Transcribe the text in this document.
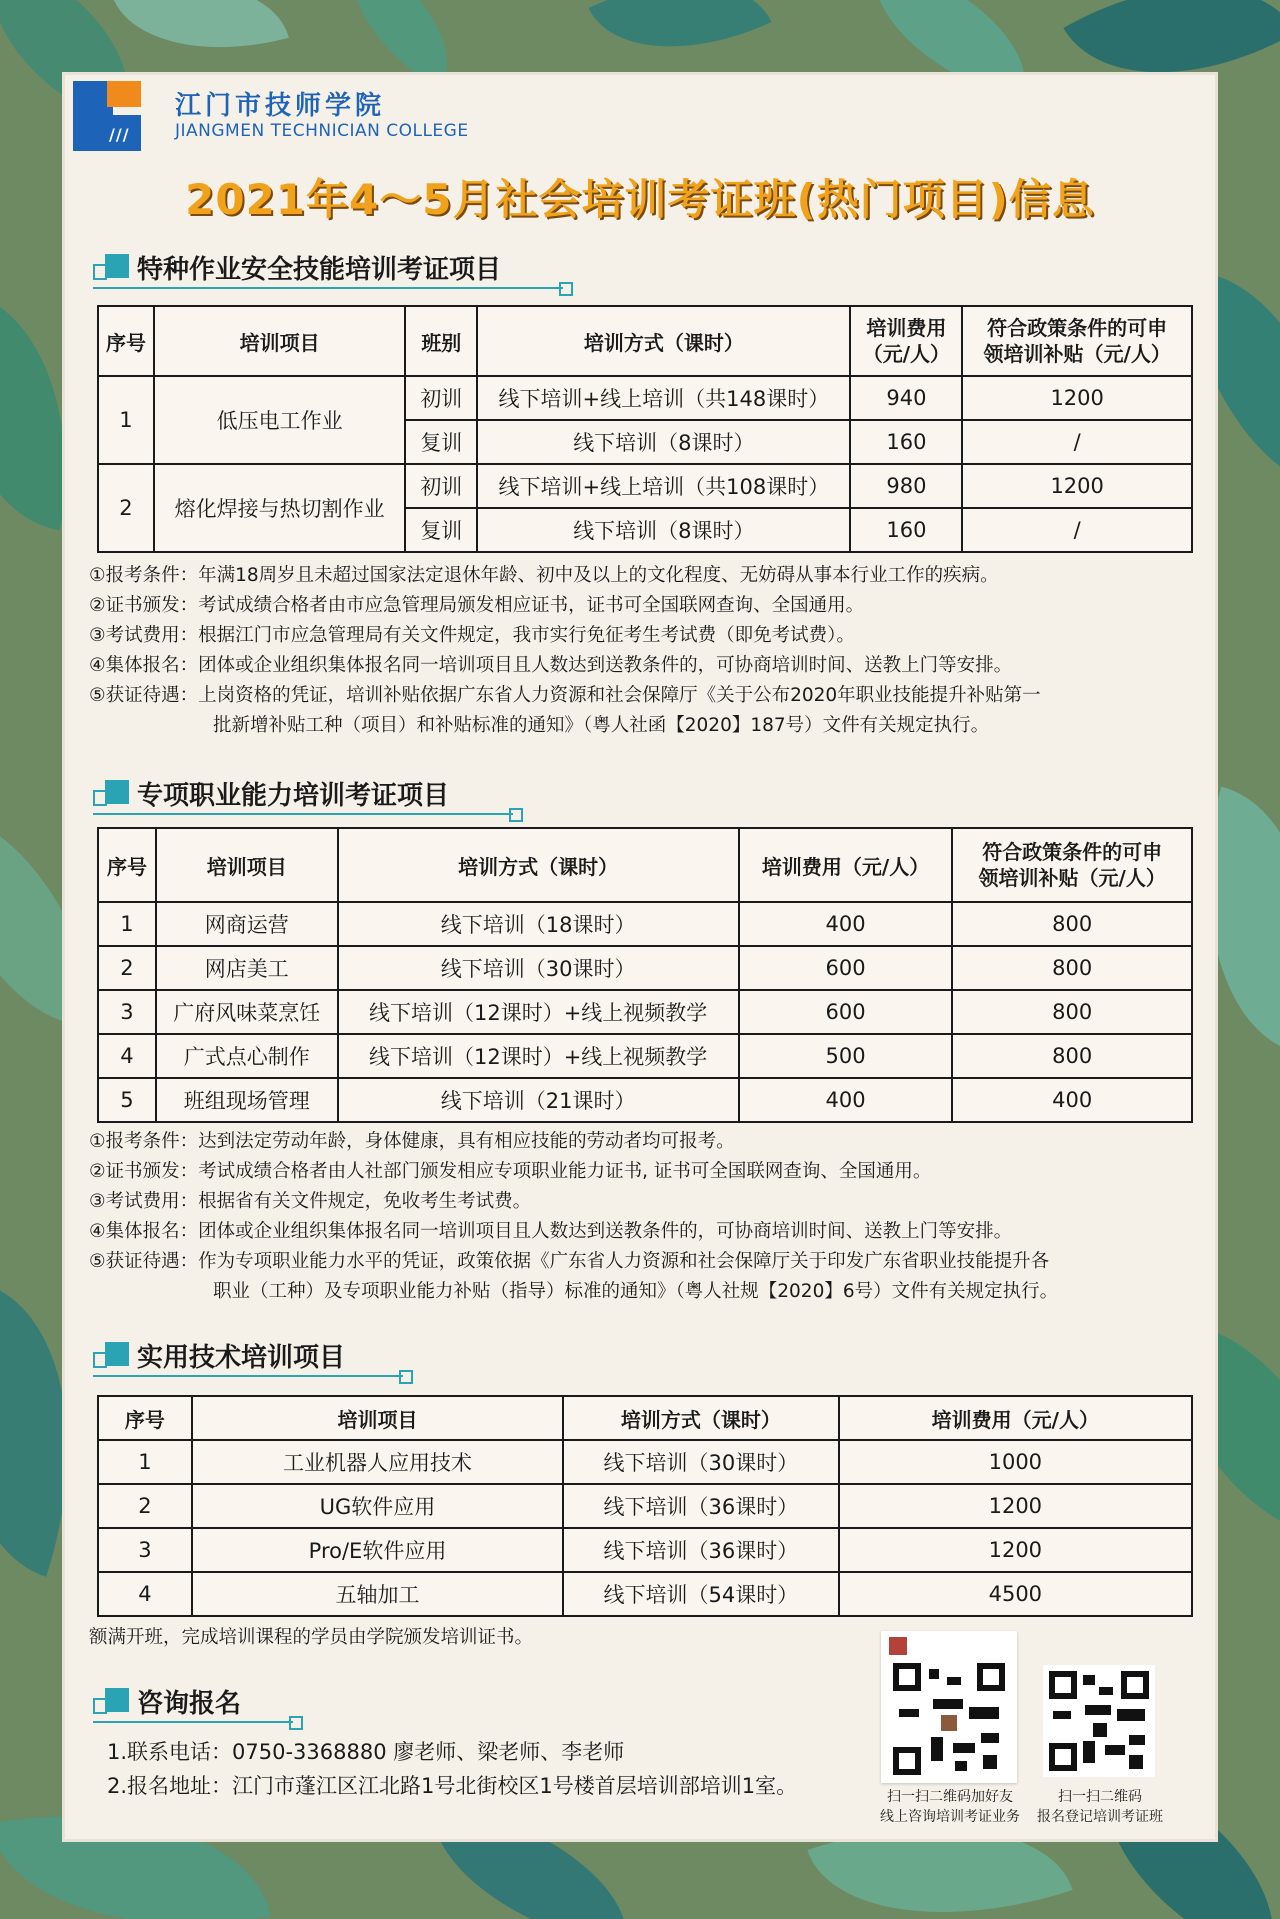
///
江门市技师学院
JIANGMEN TECHNICIAN COLLEGE
2021年4～5月社会培训考证班(热门项目)信息
特种作业安全技能培训考证项目
序号	培训项目	班别	培训方式（课时）	培训费用
（元/人）	符合政策条件的可申
领培训补贴（元/人）
1	低压电工作业	初训	线下培训+线上培训（共148课时）	940	1200
		复训	线下培训（8课时）	160	/
2	熔化焊接与热切割作业	初训	线下培训+线上培训（共108课时）	980	1200
		复训	线下培训（8课时）	160	/
①报考条件：年满18周岁且未超过国家法定退休年龄、初中及以上的文化程度、无妨碍从事本行业工作的疾病。
②证书颁发：考试成绩合格者由市应急管理局颁发相应证书，证书可全国联网查询、全国通用。
③考试费用：根据江门市应急管理局有关文件规定，我市实行免征考生考试费（即免考试费）。
④集体报名：团体或企业组织集体报名同一培训项目且人数达到送教条件的，可协商培训时间、送教上门等安排。
⑤获证待遇：上岗资格的凭证，培训补贴依据广东省人力资源和社会保障厅《关于公布2020年职业技能提升补贴第一
批新增补贴工种（项目）和补贴标准的通知》（粤人社函【2020】187号）文件有关规定执行。
专项职业能力培训考证项目
序号	培训项目	培训方式（课时）	培训费用（元/人）	符合政策条件的可申
领培训补贴（元/人）
1	网商运营	线下培训（18课时）	400	800
2	网店美工	线下培训（30课时）	600	800
3	广府风味菜烹饪	线下培训（12课时）+线上视频教学	600	800
4	广式点心制作	线下培训（12课时）+线上视频教学	500	800
5	班组现场管理	线下培训（21课时）	400	400
①报考条件：达到法定劳动年龄，身体健康，具有相应技能的劳动者均可报考。
②证书颁发：考试成绩合格者由人社部门颁发相应专项职业能力证书, 证书可全国联网查询、全国通用。
③考试费用：根据省有关文件规定，免收考生考试费。
④集体报名：团体或企业组织集体报名同一培训项目且人数达到送教条件的，可协商培训时间、送教上门等安排。
⑤获证待遇：作为专项职业能力水平的凭证，政策依据《广东省人力资源和社会保障厅关于印发广东省职业技能提升各
职业（工种）及专项职业能力补贴（指导）标准的通知》（粤人社规【2020】6号）文件有关规定执行。
实用技术培训项目
序号	培训项目	培训方式（课时）	培训费用（元/人）
1	工业机器人应用技术	线下培训（30课时）	1000
2	UG软件应用	线下培训（36课时）	1200
3	Pro/E软件应用	线下培训（36课时）	1200
4	五轴加工	线下培训（54课时）	4500
额满开班，完成培训课程的学员由学院颁发培训证书。
咨询报名
1.联系电话：0750-3368880 廖老师、梁老师、李老师
2.报名地址：江门市蓬江区江北路1号北街校区1号楼首层培训部培训1室。	扫一扫二维码加好友
线上咨询培训考证业务
扫一扫二维码
报名登记培训考证班
